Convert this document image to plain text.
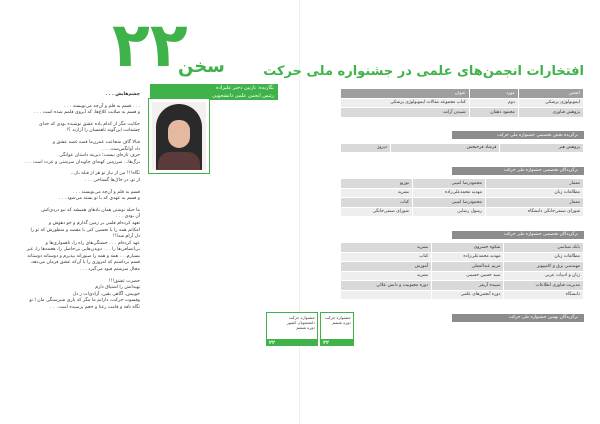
۲۲
سخن
نگارنده: نازنین دختر علیزاده
رئیس انجمن علمی دانشجویی

چشم‌هایش . . .

. . . قسم به قلم و آن‌چه می‌نویسند . . .
و قسم به صلابت کلاغ‌ها، که آبروی قلمم شده است . . .

حکایت مگر از کدام باده عشق نوشیده بودی که خدای
چشمانت این‌گونه ناهمسان را آزارند ؟!

فبالا گاف شجاعت عمرن‌ما قصه غصه عشق و
داد آوانگس‌ست . . .
حرف تازه‌ای نیست؛ دیرینه داستان عوانگی
برگ‌ها... سرزمین کهنه‌ای جاویدان سرشتی و عزت است . . .

نگاه!!! من از نیاز تو هر از قبله باز...
از تو، در خاک‌ها گستاخی . . .

قسم به قلم و آن‌چه می‌نویسند . . .
و قسم به عهدی که با تو بسته می‌شود . . .

ما حیله نوشتن همان بادهای همیشه که نبو دردی‌کش
آن بودی . . .
تعهد کرده‌ام قلمی بر زمین گذارم و خو دهوش و
امکانم همه را با تحسین کنی با مقصد و منظورش که تو را
دل آرام شدا!!
عهد کرده‌ام . . . خستگی‌های راه را، ناهمواری‌ها و
بی‌انصافی‌ها را . . . دویدن‌هایی بی‌حاصل را، هجمه‌ها را، عبر
بسپارم. . . همه و همه را صبورانه بپذیرم و دوستانه دوستانه
قسم برداشتم که امروزی را با آن‌که عشق فرمان می‌دهد،
محال سرشتم قیود می‌گیرد . . .

حضرت عشق!!!
نهیدانش را اشتیاق دارم
خوبیش، آگاهی یقین، آزادی‌ات ز دل
وقسوت حرکت، دارانم ما مگر که باری شیرسنگی مان ا نو
نگاه نافذ و قامت رعنا و حجم پرسیده است . . .

افتخارات انجمن‌های علمی در جشنواره ملی حرکت
انجمن	مورد	عنوان
ایمونولوژی پزشکی	دوم	کتاب مجموعه مقالات ایمونولوژی پزشکی
پژوهش فناوری	محمود دهقان	شنیدن آرامه
برگزیده بخش تخصصی جشنواره ملی حرکت
پژوهش هنر	فرشاد فرحبخش	دیروز
برگزیدگان تخصصی جشنواره ملی حرکت
معمار	محمودرضا امینی	توزیع
مطالعات زبان	مهدیه محمدعلی‌زاده	نشریه
معمار	محمودرضا امینی	کتاب
شورای صنفی‌خانگی دانشگاه	رسول رضایی	شورای صنفی‌خانگی
برگزیدگان تخصصی جشنواره ملی حرکت
بانک شناسی	شکوه خسروی	نشریه
مطالعات زبان	مهدیه محمدعلی‌زاده	کتاب
مهندسی برق و کامپیوتر	مریم عبدالمعلی	آموزش
زبان و ادبیات عربی	سید حسین حسینی	نشریه
مدیریت فناوری اطلاعات	سپیده آریفر	دوره محبوبیت و دانش علائی
دانشگاه	دوره آنجمن‌های علمی	
برگزیدگان نهمین جشنواره ملی حرکت
جشنواره حرکت
دانشجویان کشور
دوره ششم
۲۲
جشنواره حرکت
دوره ششم
۲۲
